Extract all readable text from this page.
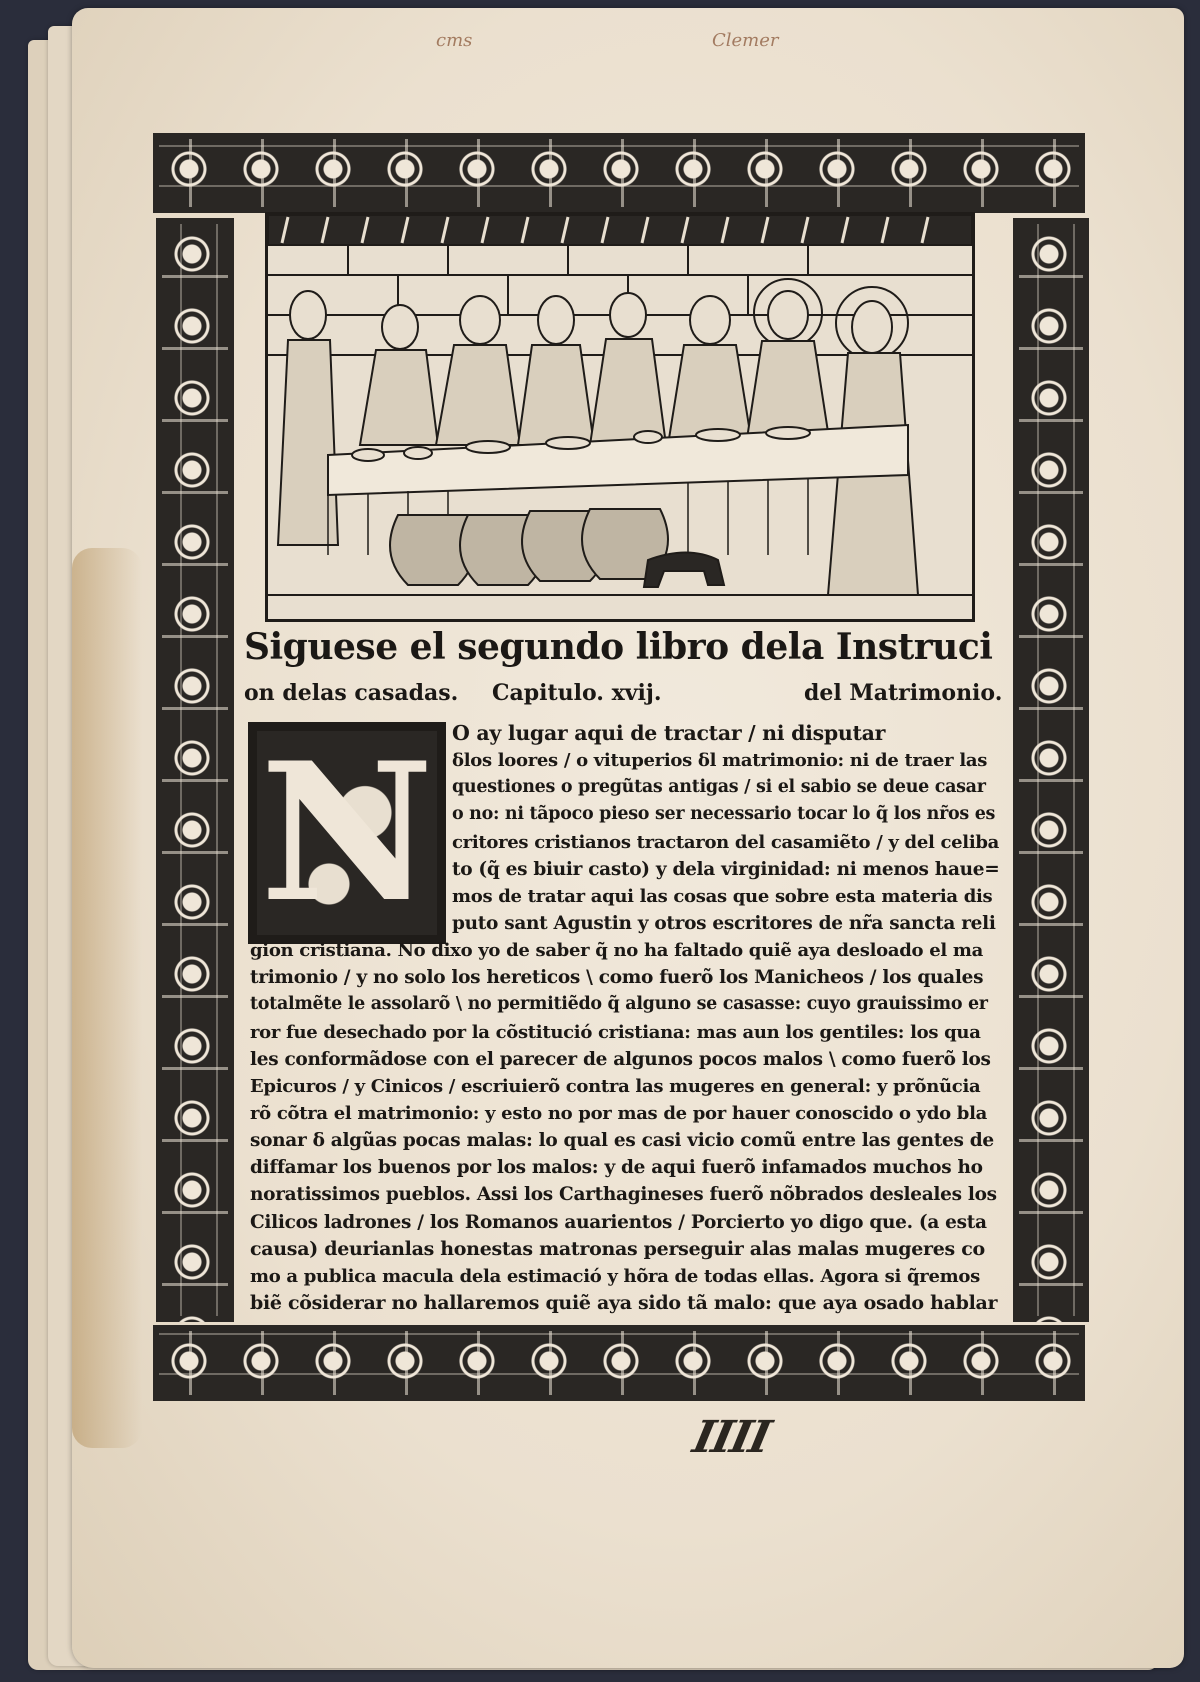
cms	Clemer
Siguese el segundo libro dela Instruci
on delas casadas. Capitulo. xvij.	del Matrimonio.
N O ay lugar aqui de tractar / ni disputar
ẟlos loores / o vituperios ẟl matrimonio: ni de traer las
questiones o pregũtas antigas / si el sabio se deue casar
o no: ni tãpoco pieso ser necessario tocar lo q̃ los nr̃os es
critores cristianos tractaron del casamiẽto / y del celiba
to (q̃ es biuir casto) y dela virginidad: ni menos haue=
mos de tratar aqui las cosas que sobre esta materia dis
puto sant Agustin y otros escritores de nr̃a sancta reli
gion cristiana. No dixo yo de saber q̃ no ha faltado quiẽ aya desloado el ma
trimonio / y no solo los hereticos \ como fuerõ los Manicheos / los quales
totalmẽte le assolarõ \ no permitiẽdo q̃ alguno se casasse: cuyo grauissimo er
ror fue desechado por la cõstitució cristiana: mas aun los gentiles: los qua
les conformãdose con el parecer de algunos pocos malos \ como fuerõ los
Epicuros / y Cinicos / escriuierõ contra las mugeres en general: y prõnũcia
rõ cõtra el matrimonio: y esto no por mas de por hauer conoscido o ydo bla
sonar ẟ algũas pocas malas: lo qual es casi vicio comũ entre las gentes de
diffamar los buenos por los malos: y de aqui fuerõ infamados muchos ho
noratissimos pueblos. Assi los Carthagineses fuerõ nõbrados desleales los
Cilicos ladrones / los Romanos auarientos / Porcierto yo digo que. (a esta
causa) deurianlas honestas matronas perseguir alas malas mugeres co
IIII
mo a publica macula dela estimació y hõra de todas ellas. Agora si q̃remos
biẽ cõsiderar no hallaremos quiẽ aya sido tã malo: que aya osado hablar
